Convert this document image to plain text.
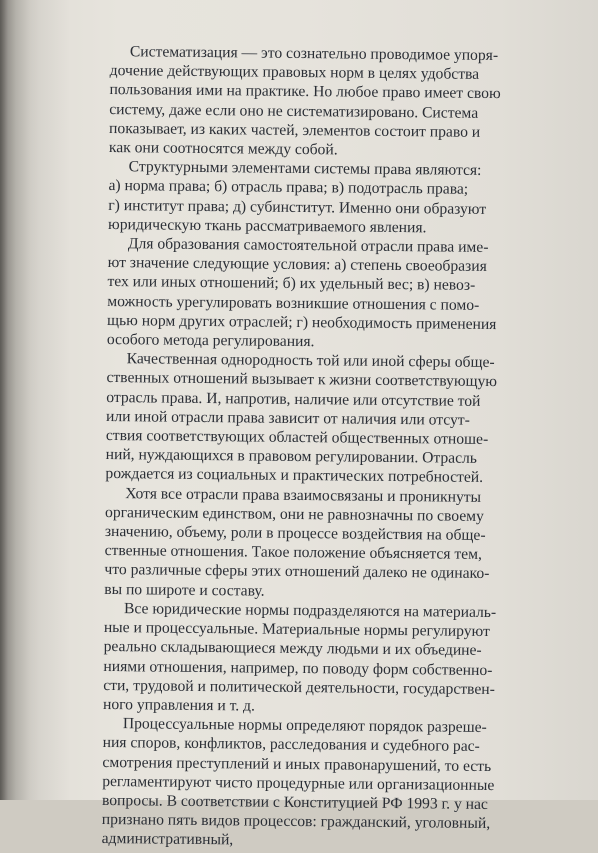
Систематизация — это сознательно проводимое упоря-
дочение действующих правовых норм в целях удобства
пользования ими на практике. Но любое право имеет свою
систему, даже если оно не систематизировано. Система
показывает, из каких частей, элементов состоит право и
как они соотносятся между собой.
Структурными элементами системы права являются:
а) норма права; б) отрасль права; в) подотрасль права;
г) институт права; д) субинститут. Именно они образуют
юридическую ткань рассматриваемого явления.
Для образования самостоятельной отрасли права име-
ют значение следующие условия: а) степень своеобразия
тех или иных отношений; б) их удельный вес; в) невоз-
можность урегулировать возникшие отношения с помо-
щью норм других отраслей; г) необходимость применения
особого метода регулирования.
Качественная однородность той или иной сферы обще-
ственных отношений вызывает к жизни соответствующую
отрасль права. И, напротив, наличие или отсутствие той
или иной отрасли права зависит от наличия или отсут-
ствия соответствующих областей общественных отноше-
ний, нуждающихся в правовом регулировании. Отрасль
рождается из социальных и практических потребностей.
Хотя все отрасли права взаимосвязаны и проникнуты
органическим единством, они не равнозначны по своему
значению, объему, роли в процессе воздействия на обще-
ственные отношения. Такое положение объясняется тем,
что различные сферы этих отношений далеко не одинако-
вы по широте и составу.
Все юридические нормы подразделяются на материаль-
ные и процессуальные. Материальные нормы регулируют
реально складывающиеся между людьми и их объедине-
ниями отношения, например, по поводу форм собственно-
сти, трудовой и политической деятельности, государствен-
ного управления и т. д.
Процессуальные нормы определяют порядок разреше-
ния споров, конфликтов, расследования и судебного рас-
смотрения преступлений и иных правонарушений, то есть
регламентируют чисто процедурные или организационные
вопросы. В соответствии с Конституцией РФ 1993 г. у нас
признано пять видов процессов: гражданский, уголовный,
административный,
